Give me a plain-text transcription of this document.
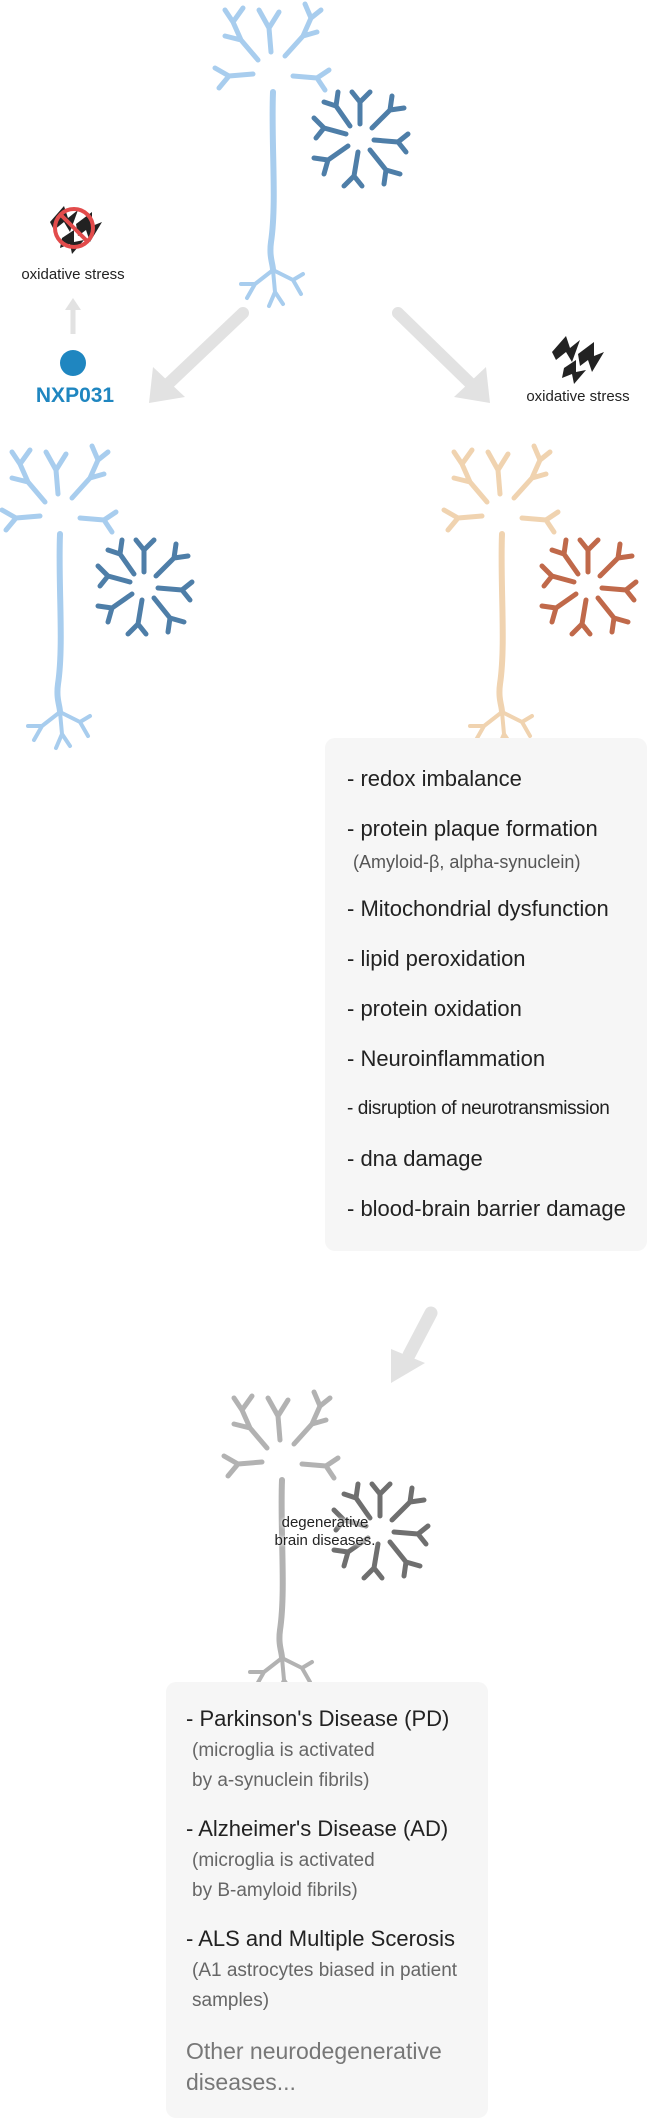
oxidative stress
NXP031	oxidative stress
- redox imbalance
- protein plaque formation
(Amyloid-β, alpha-synuclein)
- Mitochondrial dysfunction
- lipid peroxidation
- protein oxidation
- Neuroinflammation
- disruption of neurotransmission
- dna damage
- blood-brain barrier damage
degenerative
brain diseases.
- Parkinson's Disease (PD)
(microglia is activated
by a-synuclein fibrils)
- Alzheimer's Disease (AD)
(microglia is activated
by B-amyloid fibrils)
- ALS and Multiple Scerosis
(A1 astrocytes biased in patient
samples)
Other neurodegenerative
diseases...
